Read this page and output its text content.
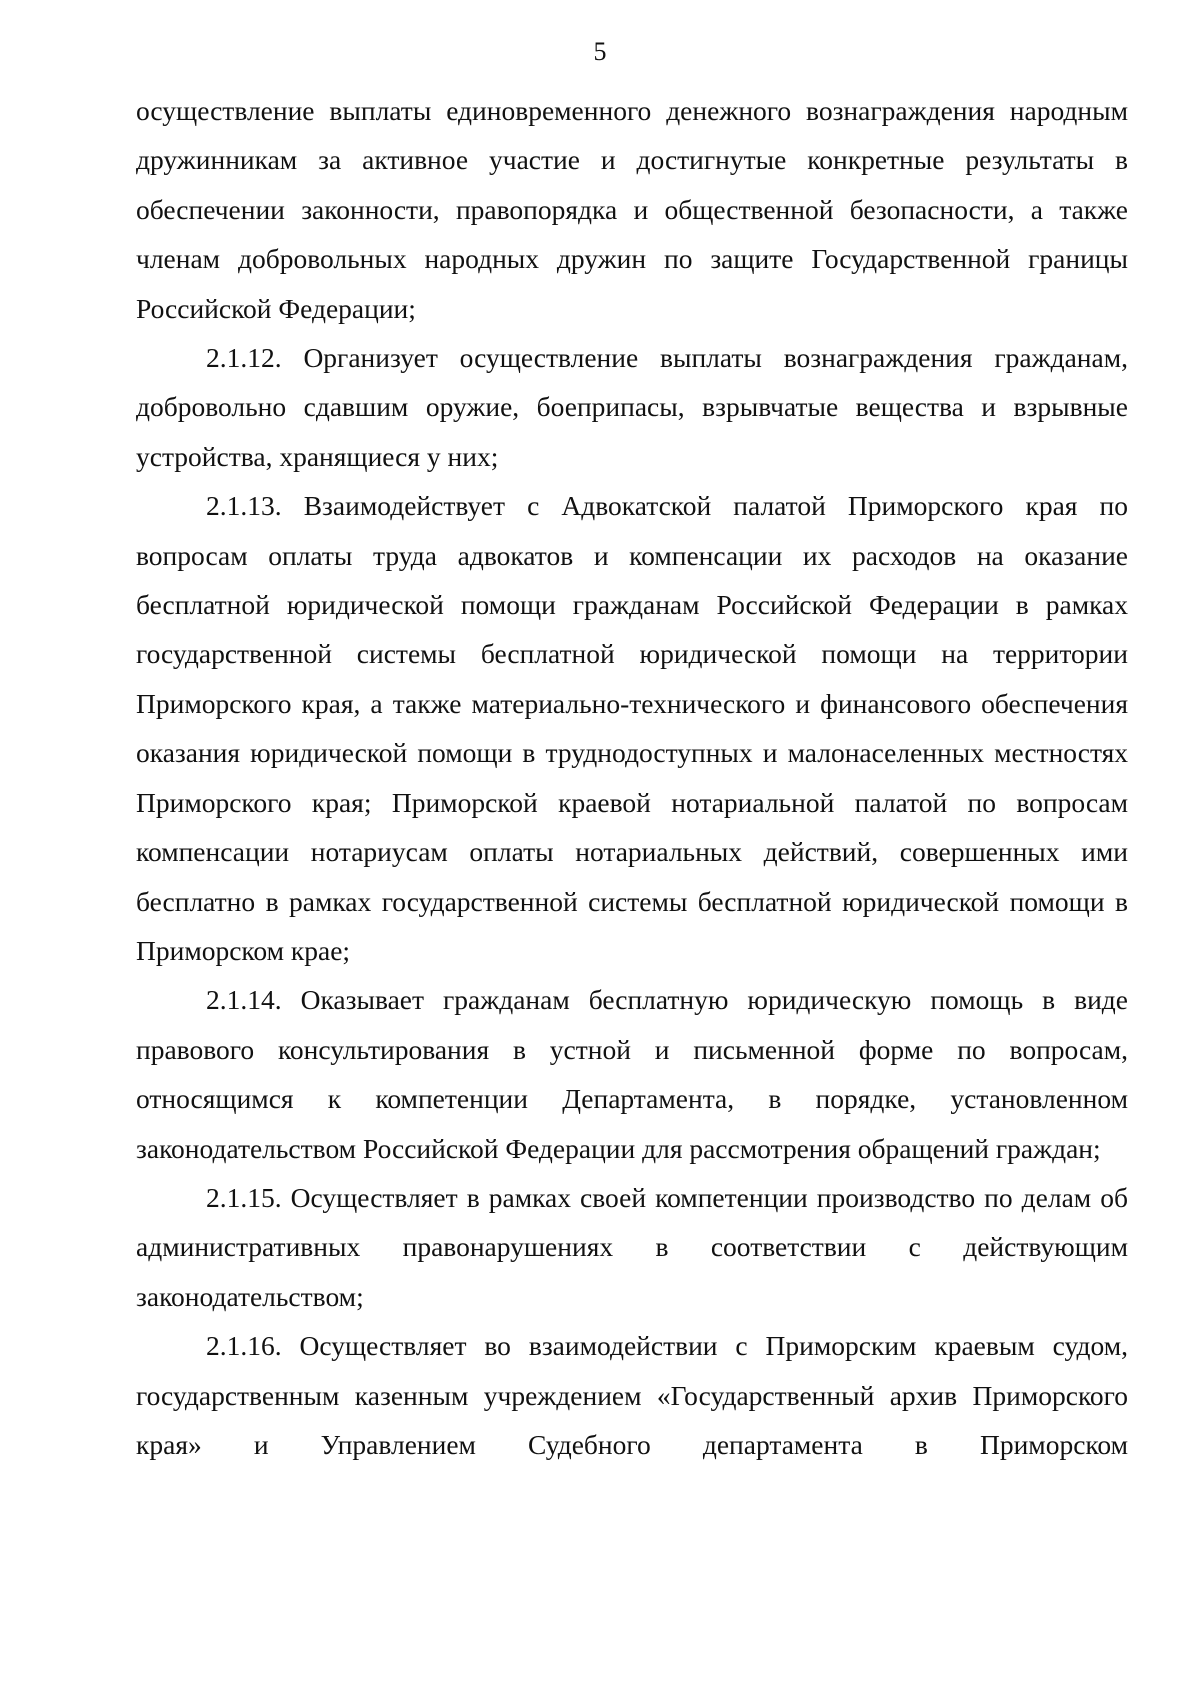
5

осуществление выплаты единовременного денежного вознаграждения народным дружинникам за активное участие и достигнутые конкретные результаты в обеспечении законности, правопорядка и общественной безопасности, а также членам добровольных народных дружин по защите Государственной границы Российской Федерации;

2.1.12. Организует осуществление выплаты вознаграждения гражданам, добровольно сдавшим оружие, боеприпасы, взрывчатые вещества и взрывные устройства, хранящиеся у них;

2.1.13. Взаимодействует с Адвокатской палатой Приморского края по вопросам оплаты труда адвокатов и компенсации их расходов на оказание бесплатной юридической помощи гражданам Российской Федерации в рамках государственной системы бесплатной юридической помощи на территории Приморского края, а также материально-технического и финансового обеспечения оказания юридической помощи в труднодоступных и малонаселенных местностях Приморского края; Приморской краевой нотариальной палатой по вопросам компенсации нотариусам оплаты нотариальных действий, совершенных ими бесплатно в рамках государственной системы бесплатной юридической помощи в Приморском крае;

2.1.14. Оказывает гражданам бесплатную юридическую помощь в виде правового консультирования в устной и письменной форме по вопросам, относящимся к компетенции Департамента, в порядке, установленном законодательством Российской Федерации для рассмотрения обращений граждан;

2.1.15. Осуществляет в рамках своей компетенции производство по делам об административных правонарушениях в соответствии с действующим законодательством;

2.1.16. Осуществляет во взаимодействии с Приморским краевым судом, государственным казенным учреждением «Государственный архив Приморского края» и Управлением Судебного департамента в Приморском
